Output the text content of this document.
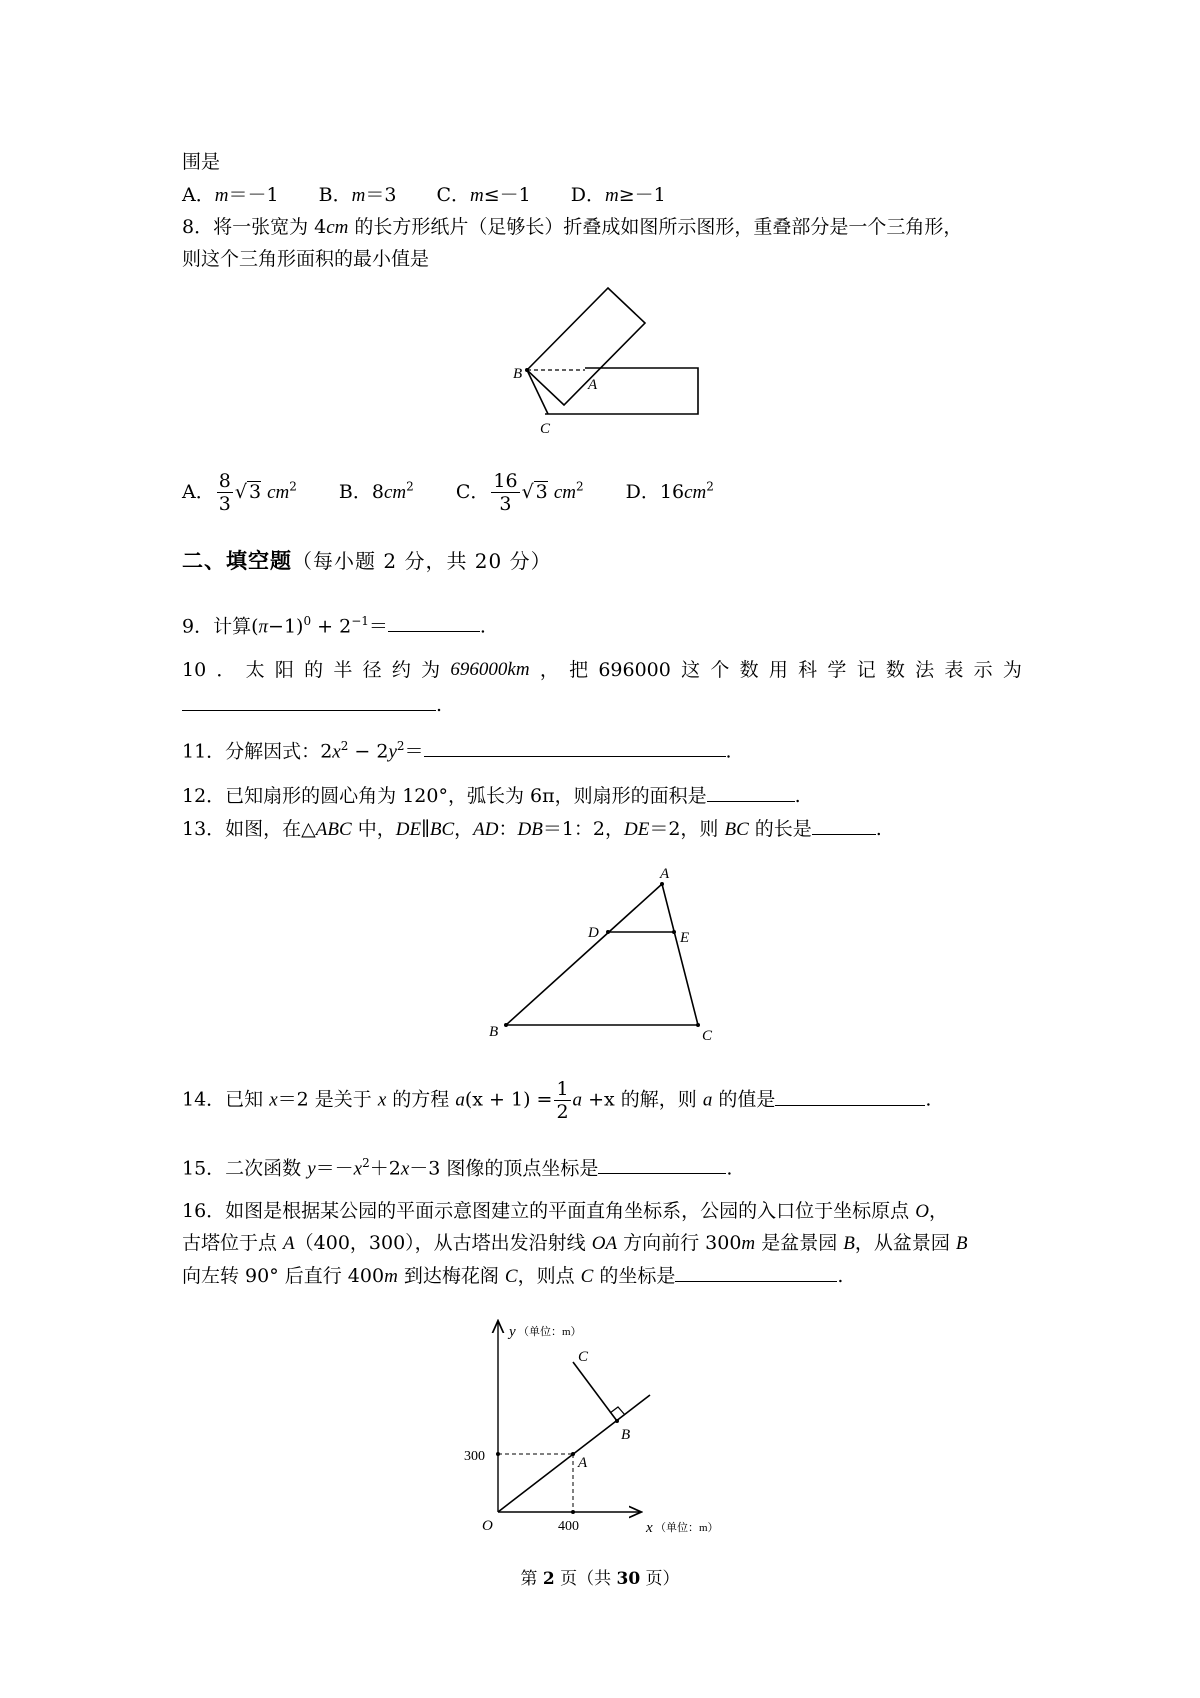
围是
A．m＝－1 B．m＝3 C．m≤－1 D．m≥－1
8．将一张宽为 4cm 的长方形纸片（足够长）折叠成如图所示图形，重叠部分是一个三角形，
则这个三角形面积的最小值是
B
A
C
A． $\frac{8}{3}$ √ 3 $cm^2$ B．$8cm^2$ C． $\frac{16}{3}$ √ 3 $cm^2$ D．$16cm^2$
二、填空题（每小题 2 分，共 20 分）
9．计算$(\pi-1)^0 + 2^{-1}=$	.
10 ． 太 阳 的 半 径 约 为 696000km ， 把 696000 这 个 数 用 科 学 记 数 法 表 示 为
.
11．分解因式：$2x^2 - 2y^2=$	.
12．已知扇形的圆心角为 120°，弧长为 6π，则扇形的面积是	.
13．如图，在△ABC 中，DE∥BC，AD：DB＝1：2，DE＝2，则 BC 的长是	.
A
D	E
B	C
14．已知 x＝2 是关于 x 的方程 $a(x + 1) = \frac{1}{2}$ a +x 的解，则 a 的值是	.
15．二次函数 $y=-x^2+2x-3$ 图像的顶点坐标是	.
16．如图是根据某公园的平面示意图建立的平面直角坐标系，公园的入口位于坐标原点 O，
古塔位于点 A（400，300），从古塔出发沿射线 OA 方向前行 300m 是盆景园 B，从盆景园 B
向左转 90° 后直行 400m 到达梅花阁 C，则点 C 的坐标是	.
y （单位：m）
x （单位：m）
O
300
400
A
B
C
第 2 页（共 30 页）
